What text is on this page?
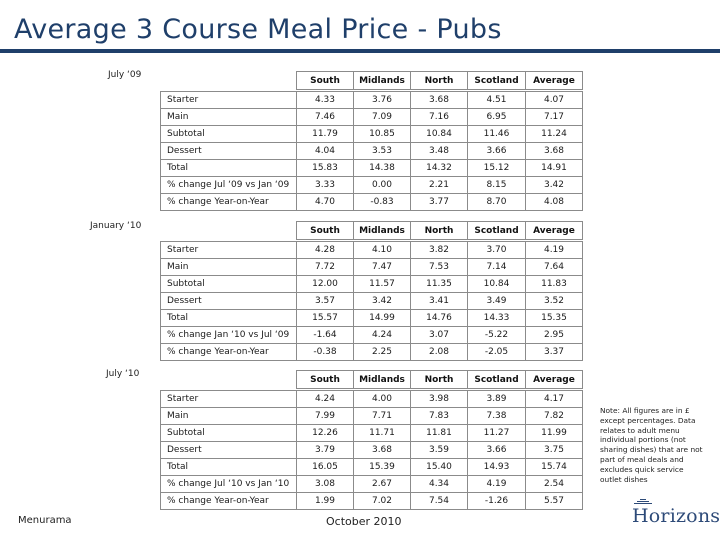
Average 3 Course Meal Price - Pubs
July ‘09
January ‘10
July ‘10
	South	Midlands	North	Scotland	Average

Starter	4.33	3.76	3.68	4.51	4.07
Main	7.46	7.09	7.16	6.95	7.17
Subtotal	11.79	10.85	10.84	11.46	11.24
Dessert	4.04	3.53	3.48	3.66	3.68
Total	15.83	14.38	14.32	15.12	14.91
% change Jul ‘09 vs Jan ‘09	3.33	0.00	2.21	8.15	3.42
% change Year-on-Year	4.70	-0.83	3.77	8.70	4.08
	South	Midlands	North	Scotland	Average

Starter	4.28	4.10	3.82	3.70	4.19
Main	7.72	7.47	7.53	7.14	7.64
Subtotal	12.00	11.57	11.35	10.84	11.83
Dessert	3.57	3.42	3.41	3.49	3.52
Total	15.57	14.99	14.76	14.33	15.35
% change Jan ‘10 vs Jul ‘09	-1.64	4.24	3.07	-5.22	2.95
% change Year-on-Year	-0.38	2.25	2.08	-2.05	3.37
	South	Midlands	North	Scotland	Average

Starter	4.24	4.00	3.98	3.89	4.17
Main	7.99	7.71	7.83	7.38	7.82
Subtotal	12.26	11.71	11.81	11.27	11.99
Dessert	3.79	3.68	3.59	3.66	3.75
Total	16.05	15.39	15.40	14.93	15.74
% change Jul ‘10 vs Jan ‘10	3.08	2.67	4.34	4.19	2.54
% change Year-on-Year	1.99	7.02	7.54	-1.26	5.57
Note: All figures are in £ except percentages. Data relates to adult menu individual portions (not sharing dishes) that are not part of meal deals and excludes quick service outlet dishes
Menurama	October 2010	Horizons
